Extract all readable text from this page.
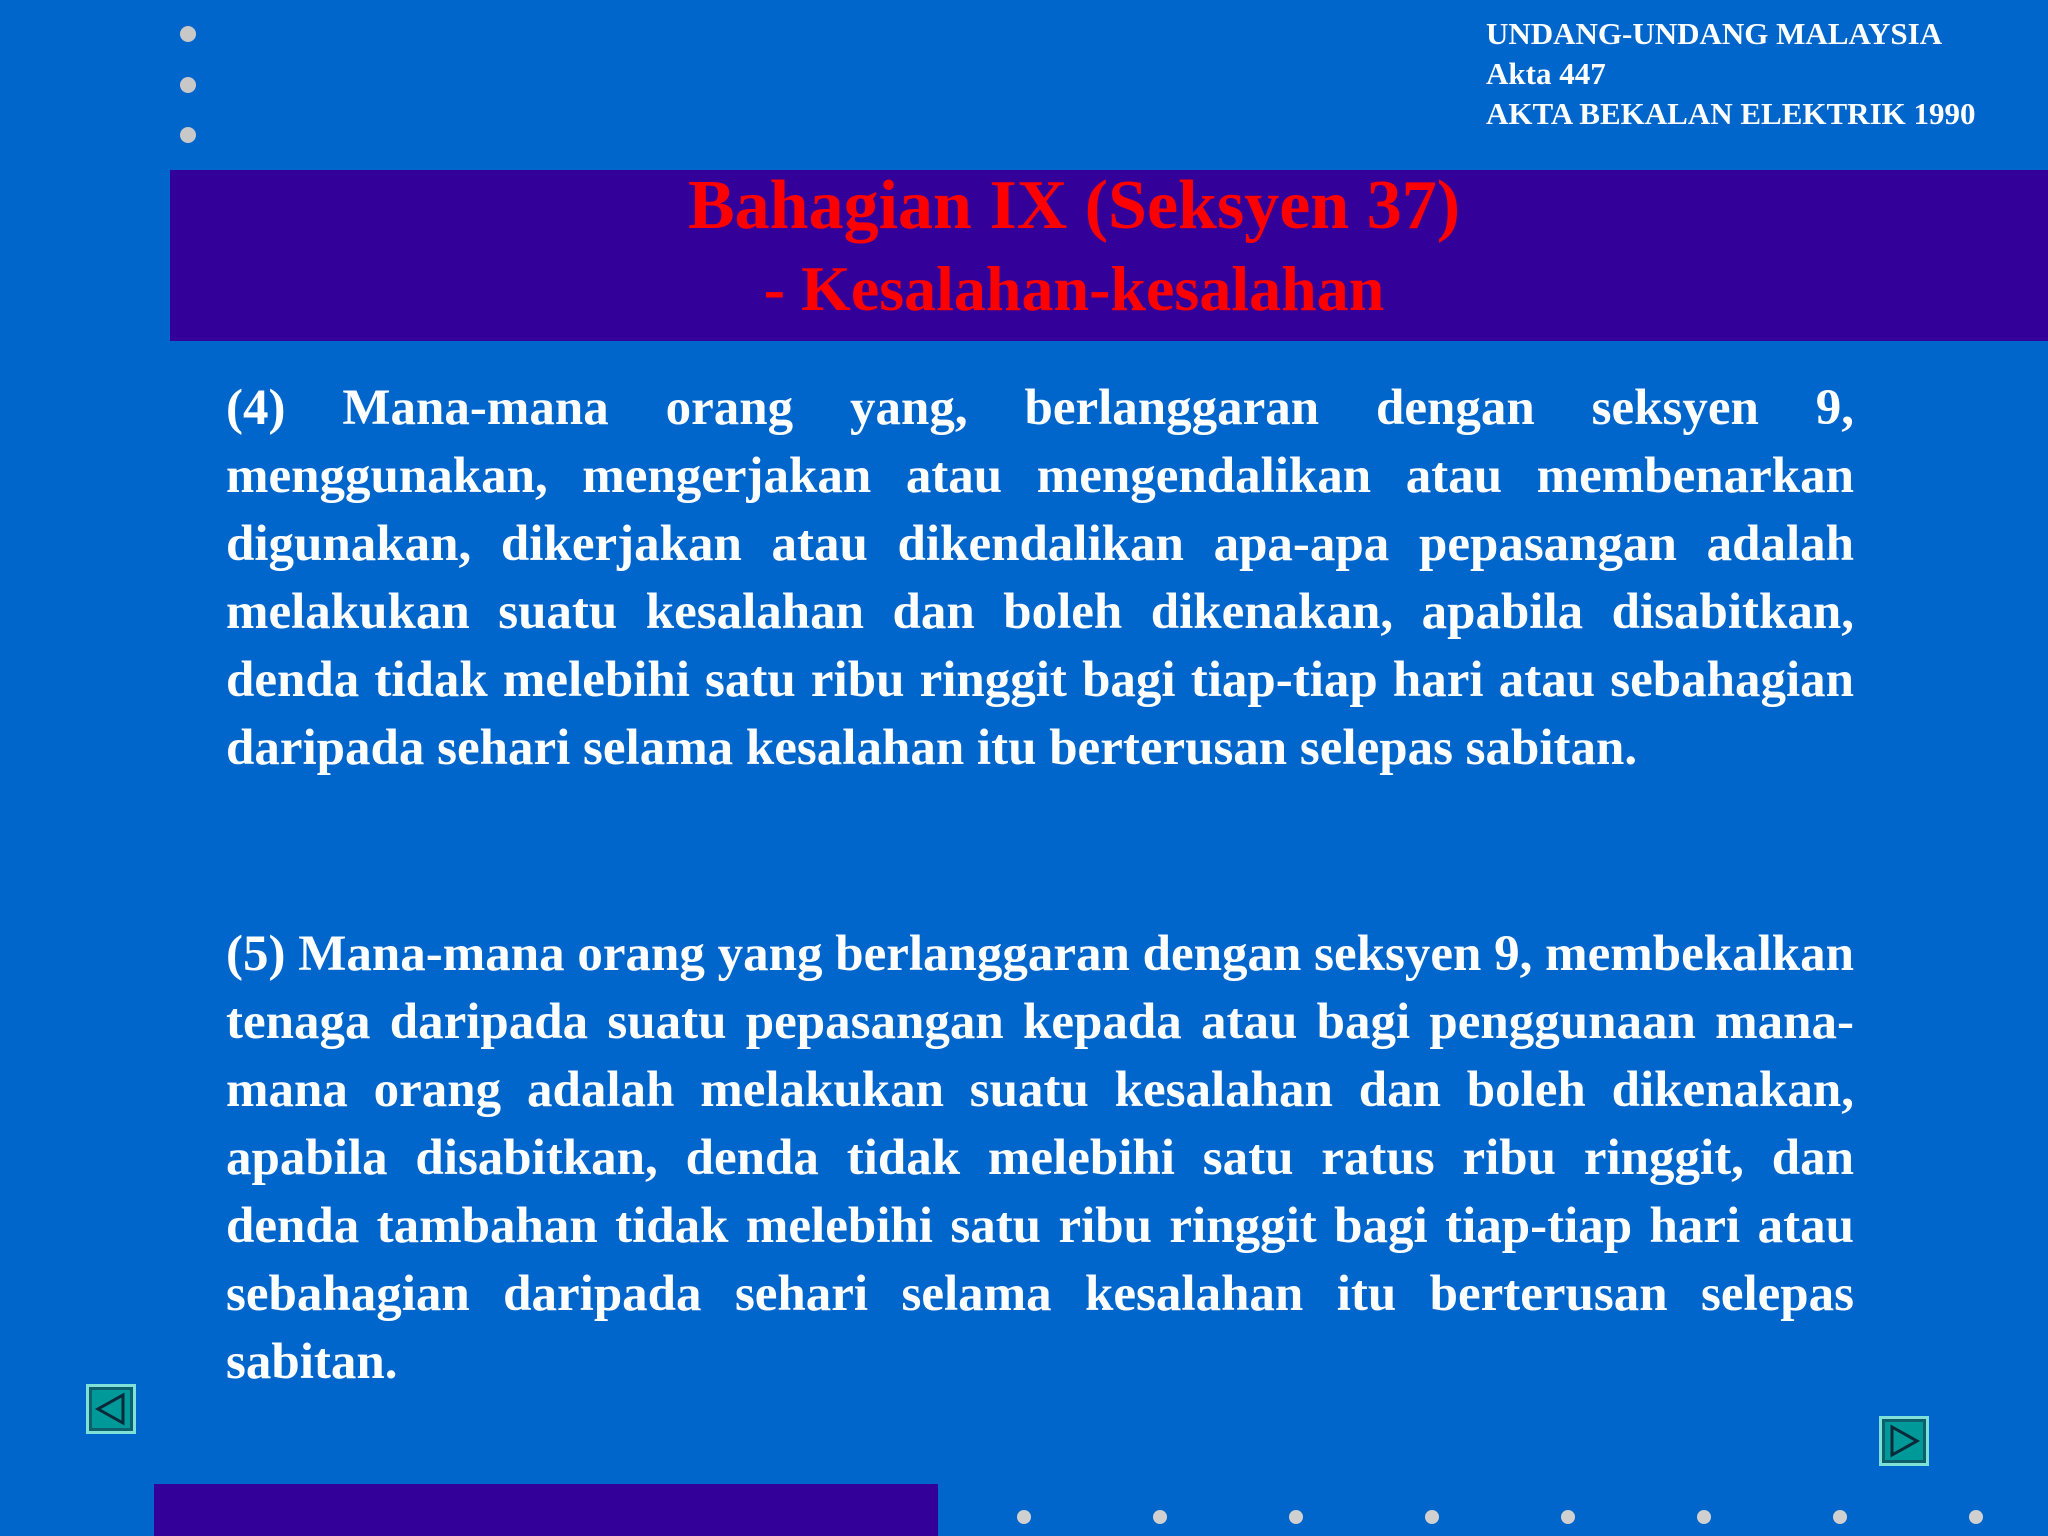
UNDANG-UNDANG MALAYSIA
Akta 447
AKTA BEKALAN ELEKTRIK 1990
Bahagian IX (Seksyen 37)
- Kesalahan-kesalahan

(4) Mana-mana orang yang, berlanggaran dengan seksyen 9, menggunakan, mengerjakan atau mengendalikan atau membenarkan digunakan, dikerjakan atau dikendalikan apa-apa pepasangan adalah melakukan suatu kesalahan dan boleh dikenakan, apabila disabitkan, denda tidak melebihi satu ribu ringgit bagi tiap-tiap hari atau sebahagian daripada sehari selama kesalahan itu berterusan selepas sabitan.

(5) Mana-mana orang yang berlanggaran dengan seksyen 9, membekalkan tenaga daripada suatu pepasangan kepada atau bagi penggunaan mana-mana orang adalah melakukan suatu kesalahan dan boleh dikenakan, apabila disabitkan, denda tidak melebihi satu ratus ribu ringgit, dan denda tambahan tidak melebihi satu ribu ringgit bagi tiap-tiap hari atau sebahagian daripada sehari selama kesalahan itu berterusan selepas sabitan.
